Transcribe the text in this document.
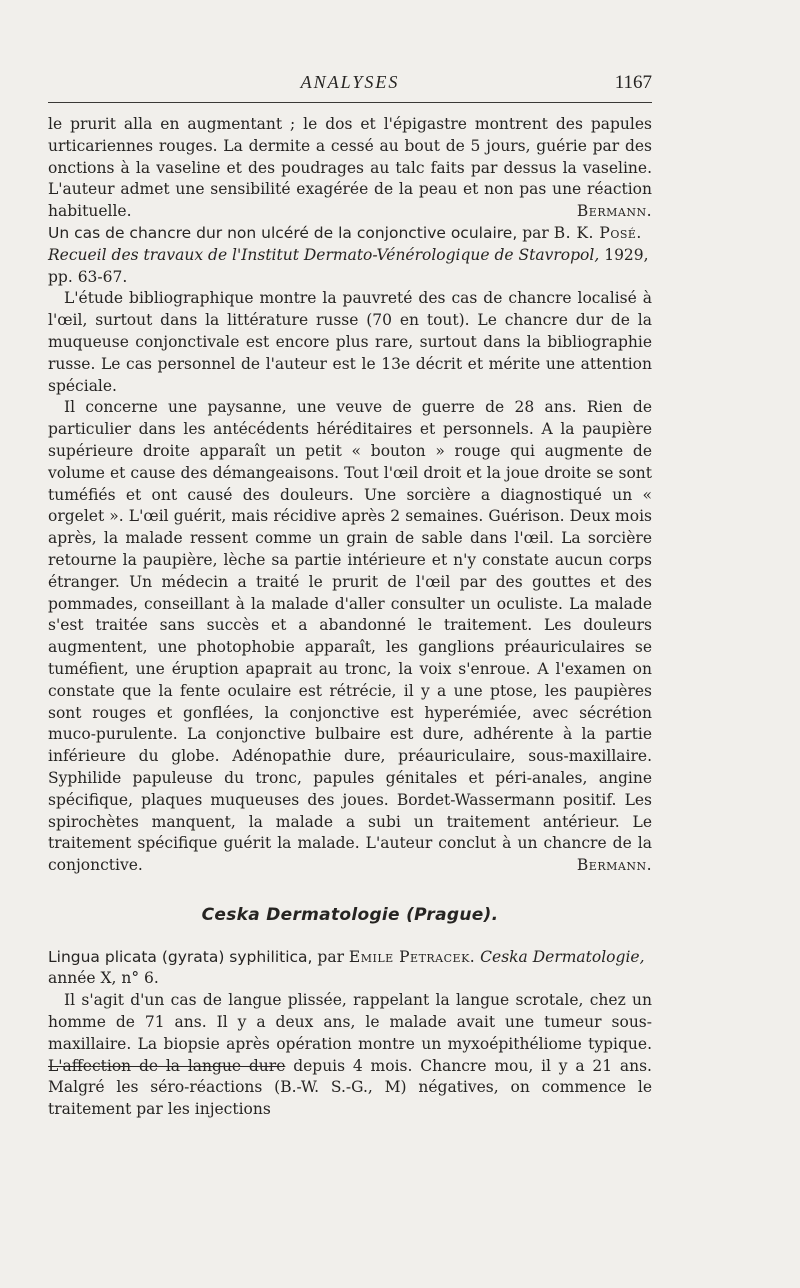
ANALYSES	1167

le prurit alla en augmentant ; le dos et l'épigastre montrent des papules urticariennes rouges. La dermite a cessé au bout de 5 jours, guérie par des onctions à la vaseline et des poudrages au talc faits par dessus la vaseline. L'auteur admet une sensibilité exagérée de la peau et non pas une réaction habituelle.	Bermann.

Un cas de chancre dur non ulcéré de la conjonctive oculaire, par B. K. Posé. Recueil des travaux de l'Institut Dermato-Vénérologique de Stavropol, 1929, pp. 63-67.

L'étude bibliographique montre la pauvreté des cas de chancre localisé à l'œil, surtout dans la littérature russe (70 en tout). Le chancre dur de la muqueuse conjonctivale est encore plus rare, surtout dans la bibliographie russe. Le cas personnel de l'auteur est le 13e décrit et mérite une attention spéciale.

Il concerne une paysanne, une veuve de guerre de 28 ans. Rien de particulier dans les antécédents héréditaires et personnels. A la paupière supérieure droite apparaît un petit « bouton » rouge qui augmente de volume et cause des démangeaisons. Tout l'œil droit et la joue droite se sont tuméfiés et ont causé des douleurs. Une sorcière a diagnostiqué un « orgelet ». L'œil guérit, mais récidive après 2 semaines. Guérison. Deux mois après, la malade ressent comme un grain de sable dans l'œil. La sorcière retourne la paupière, lèche sa partie intérieure et n'y constate aucun corps étranger. Un médecin a traité le prurit de l'œil par des gouttes et des pommades, conseillant à la malade d'aller consulter un oculiste. La malade s'est traitée sans succès et a abandonné le traitement. Les douleurs augmentent, une photophobie apparaît, les ganglions préauriculaires se tuméfient, une éruption apaprait au tronc, la voix s'enroue. A l'examen on constate que la fente oculaire est rétrécie, il y a une ptose, les paupières sont rouges et gonflées, la conjonctive est hyperémiée, avec sécrétion muco-purulente. La conjonctive bulbaire est dure, adhérente à la partie inférieure du globe. Adénopathie dure, préauriculaire, sous-maxillaire. Syphilide papuleuse du tronc, papules génitales et péri-anales, angine spécifique, plaques muqueuses des joues. Bordet-Wassermann positif. Les spirochètes manquent, la malade a subi un traitement antérieur. Le traitement spécifique guérit la malade. L'auteur conclut à un chancre de la conjonctive.	Bermann.

Ceska Dermatologie (Prague).

Lingua plicata (gyrata) syphilitica, par Emile Petracek. Ceska Dermatologie, année X, n° 6.

Il s'agit d'un cas de langue plissée, rappelant la langue scrotale, chez un homme de 71 ans. Il y a deux ans, le malade avait une tumeur sous-maxillaire. La biopsie après opération montre un myxoépithéliome typique. L'affection de la langue dure depuis 4 mois. Chancre mou, il y a 21 ans. Malgré les séro-réactions (B.-W. S.-G., M) négatives, on commence le traitement par les injections
